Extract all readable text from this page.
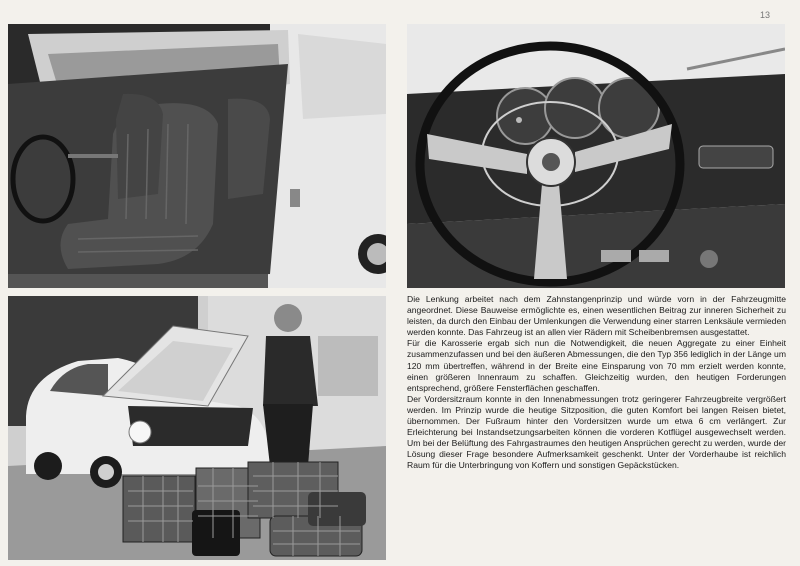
13

Die Lenkung arbeitet nach dem Zahnstangenprinzip und würde vorn in der Fahrzeugmitte angeordnet. Diese Bauweise ermöglichte es, einen wesentlichen Beitrag zur inneren Sicherheit zu leisten, da durch den Einbau der Umlenkungen die Verwendung einer starren Lenksäule vermieden werden konnte. Das Fahrzeug ist an allen vier Rädern mit Scheibenbremsen ausgestattet.

Für die Karosserie ergab sich nun die Notwendigkeit, die neuen Aggregate zu einer Einheit zusammenzufassen und bei den äußeren Abmessungen, die den Typ 356 lediglich in der Länge um 120 mm übertreffen, während in der Breite eine Einsparung von 70 mm erzielt werden konnte, einen größeren Innenraum zu schaffen. Gleichzeitig wurden, den heutigen Forderungen entsprechend, größere Fensterflächen geschaffen.

Der Vordersitzraum konnte in den Innenabmessungen trotz geringerer Fahrzeugbreite vergrößert werden. Im Prinzip wurde die heutige Sitzposition, die guten Komfort bei langen Reisen bietet, übernommen. Der Fußraum hinter den Vordersitzen wurde um etwa 6 cm verlängert. Zur Erleichterung bei Instandsetzungsarbeiten können die vorderen Kotflügel ausgewechselt werden. Um bei der Belüftung des Fahrgastraumes den heutigen Ansprüchen gerecht zu werden, wurde der Lösung dieser Frage besondere Aufmerksamkeit geschenkt. Unter der Vorderhaube ist reichlich Raum für die Unterbringung von Koffern und sonstigen Gepäckstücken.
